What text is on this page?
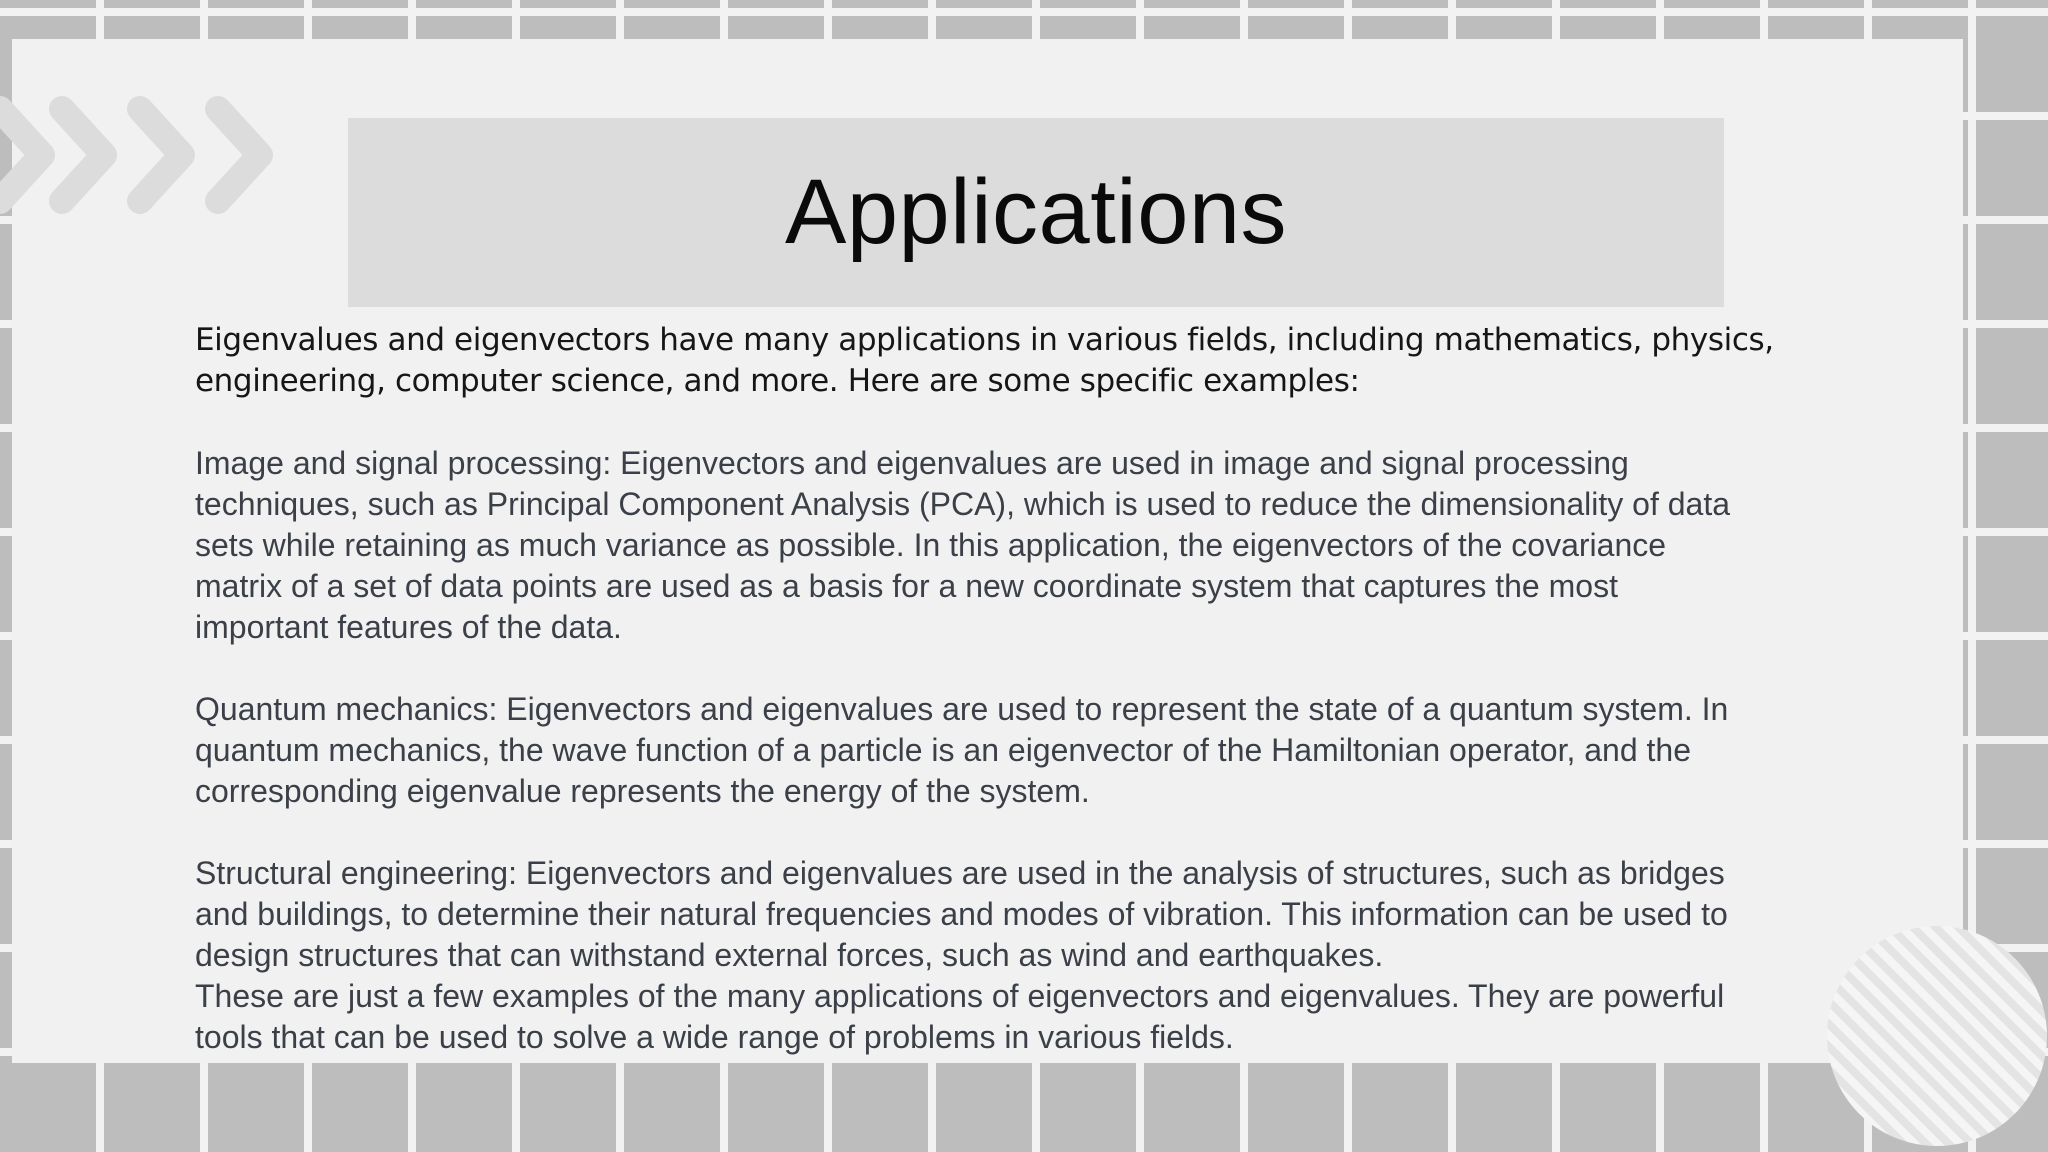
Applications

Eigenvalues and eigenvectors have many applications in various fields, including mathematics, physics,
engineering, computer science, and more. Here are some specific examples:

Image and signal processing: Eigenvectors and eigenvalues are used in image and signal processing
techniques, such as Principal Component Analysis (PCA), which is used to reduce the dimensionality of data
sets while retaining as much variance as possible. In this application, the eigenvectors of the covariance
matrix of a set of data points are used as a basis for a new coordinate system that captures the most
important features of the data.

Quantum mechanics: Eigenvectors and eigenvalues are used to represent the state of a quantum system. In
quantum mechanics, the wave function of a particle is an eigenvector of the Hamiltonian operator, and the
corresponding eigenvalue represents the energy of the system.

Structural engineering: Eigenvectors and eigenvalues are used in the analysis of structures, such as bridges
and buildings, to determine their natural frequencies and modes of vibration. This information can be used to
design structures that can withstand external forces, such as wind and earthquakes.

These are just a few examples of the many applications of eigenvectors and eigenvalues. They are powerful
tools that can be used to solve a wide range of problems in various fields.
